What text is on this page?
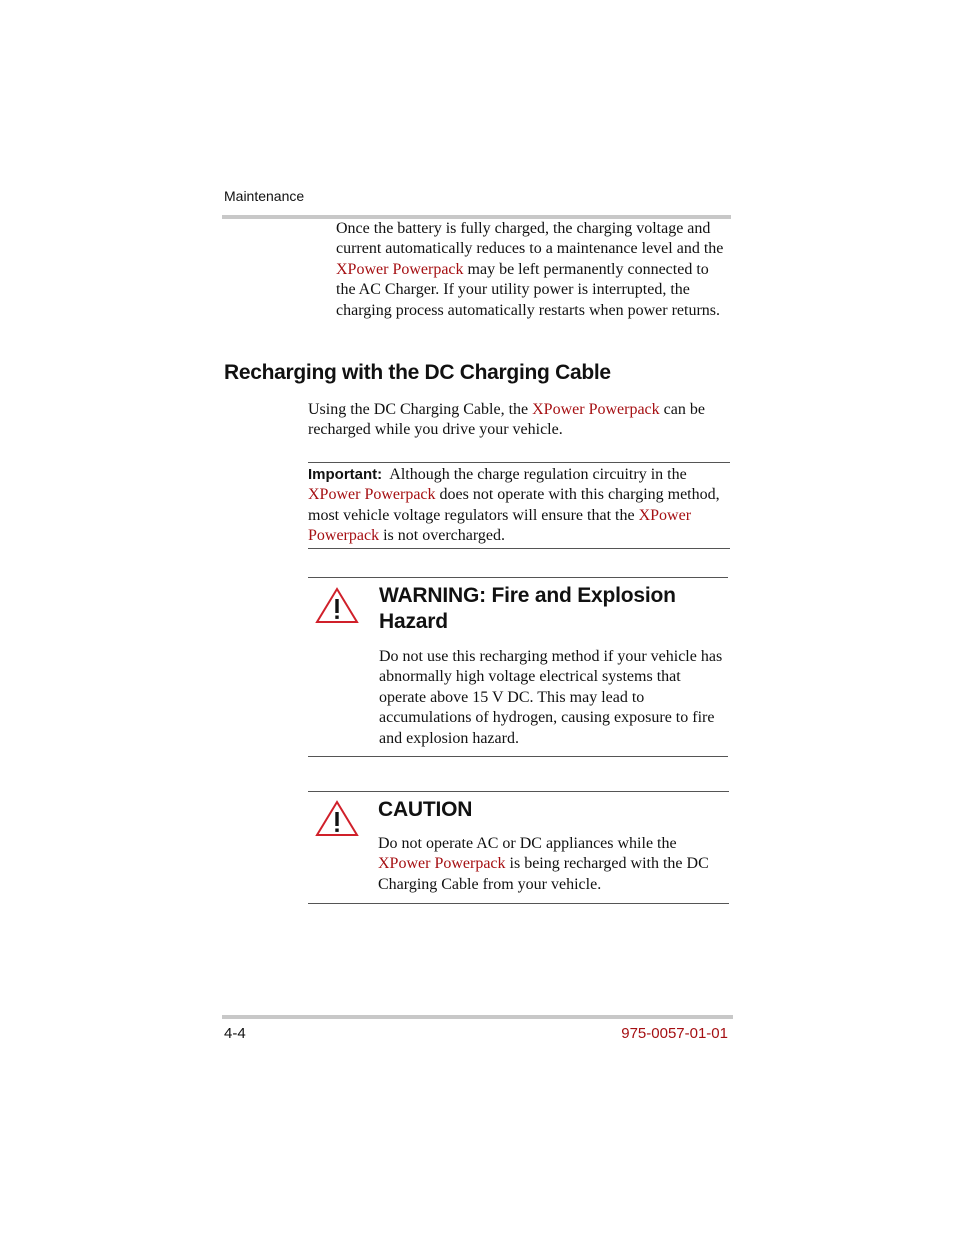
Maintenance

Once the battery is fully charged, the charging voltage and current automatically reduces to a maintenance level and the XPower Powerpack may be left permanently connected to the AC Charger. If your utility power is interrupted, the charging process automatically restarts when power returns.

Recharging with the DC Charging Cable

Using the DC Charging Cable, the XPower Powerpack can be recharged while you drive your vehicle.

Important:  Although the charge regulation circuitry in the XPower Powerpack does not operate with this charging method, most vehicle voltage regulators will ensure that the XPower Powerpack is not overcharged.

WARNING: Fire and Explosion Hazard

Do not use this recharging method if your vehicle has abnormally high voltage electrical systems that operate above 15 V DC. This may lead to accumulations of hydrogen, causing exposure to fire and explosion hazard.

CAUTION

Do not operate AC or DC appliances while the XPower Powerpack is being recharged with the DC Charging Cable from your vehicle.

4-4	975-0057-01-01
